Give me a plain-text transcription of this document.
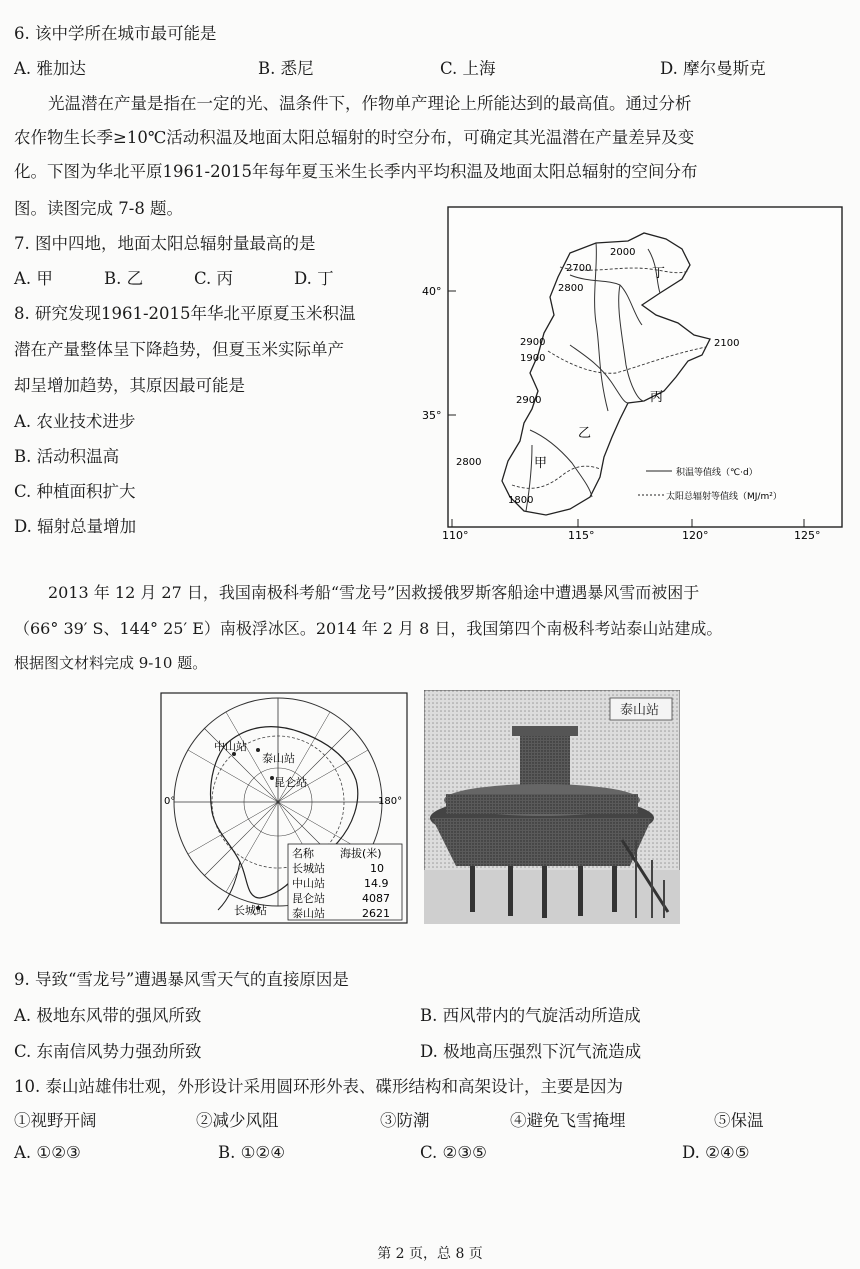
6. 该中学所在城市最可能是
A. 雅加达	B. 悉尼	C. 上海	D. 摩尔曼斯克
光温潜在产量是指在一定的光、温条件下，作物单产理论上所能达到的最高值。通过分析
农作物生长季≥10℃活动积温及地面太阳总辐射的时空分布，可确定其光温潜在产量差异及变
化。下图为华北平原1961-2015年每年夏玉米生长季内平均积温及地面太阳总辐射的空间分布
图。读图完成 7-8 题。
7. 图中四地，地面太阳总辐射量最高的是
A. 甲	B. 乙	C. 丙	D. 丁
8. 研究发现1961-2015年华北平原夏玉米积温
潜在产量整体呈下降趋势，但夏玉米实际单产
却呈增加趋势，其原因最可能是
A. 农业技术进步
B. 活动积温高
C. 种植面积扩大
D. 辐射总量增加
40°
35°
110°	115°	120°	125°
2000
2700
2800
2900
1900
2100
2900
2800
1800
甲
乙
丙
丁
积温等值线（℃·d）
太阳总辐射等值线（MJ/m²）
2013 年 12 月 27 日，我国南极科考船“雪龙号”因救援俄罗斯客船途中遭遇暴风雪而被困于
（66° 39′ S、144° 25′ E）南极浮冰区。2014 年 2 月 8 日，我国第四个南极科考站泰山站建成。
根据图文材料完成 9-10 题。
中山站
泰山站
昆仑站
长城站
0°	180°
名称 海拔(米)
长城站	10
中山站	14.9
昆仑站	4087
泰山站	2621
泰山站
9. 导致“雪龙号”遭遇暴风雪天气的直接原因是
A. 极地东风带的强风所致	B. 西风带内的气旋活动所造成
C. 东南信风势力强劲所致	D. 极地高压强烈下沉气流造成
10. 泰山站雄伟壮观，外形设计采用圆环形外表、碟形结构和高架设计，主要是因为
①视野开阔	②减少风阻	③防潮	④避免飞雪掩埋	⑤保温
A. ①②③	B. ①②④	C. ②③⑤	D. ②④⑤
第 2 页，总 8 页
